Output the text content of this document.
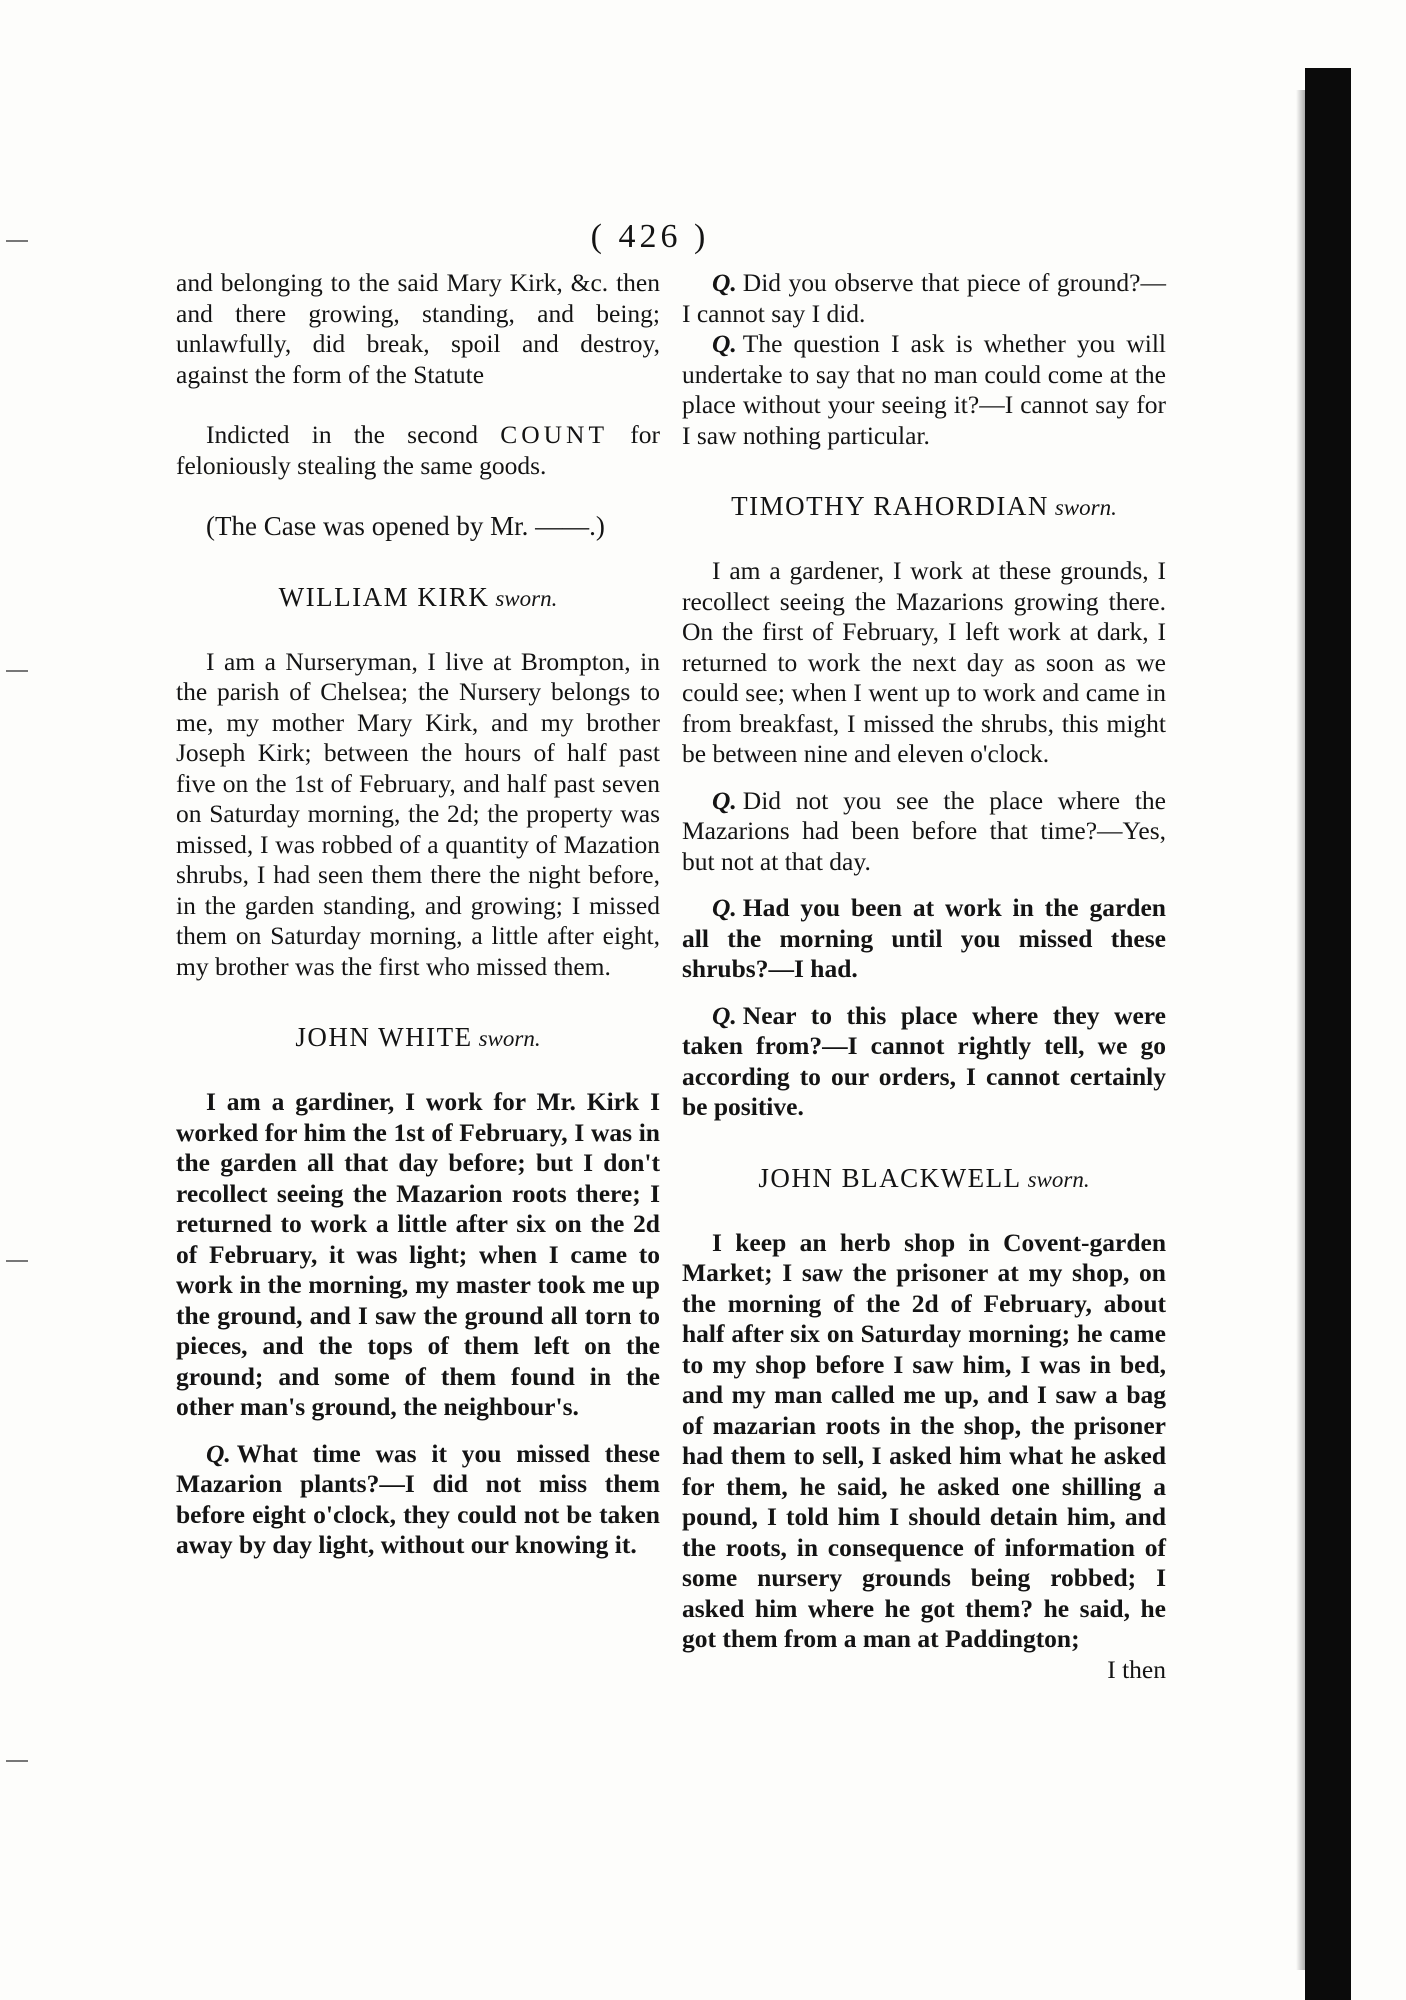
( 426 )

and belonging to the said Mary Kirk, &c. then and there growing, standing, and being; unlawfully, did break, spoil and destroy, against the form of the Statute

Indicted in the second COUNT for feloniously stealing the same goods.

(The Case was opened by Mr. ——.)

WILLIAM KIRK sworn.

I am a Nurseryman, I live at Brompton, in the parish of Chelsea; the Nursery belongs to me, my mother Mary Kirk, and my brother Joseph Kirk; between the hours of half past five on the 1st of February, and half past seven on Saturday morning, the 2d; the property was missed, I was robbed of a quantity of Mazation shrubs, I had seen them there the night before, in the garden standing, and growing; I missed them on Saturday morning, a little after eight, my brother was the first who missed them.

JOHN WHITE sworn.

I am a gardiner, I work for Mr. Kirk I worked for him the 1st of February, I was in the garden all that day before; but I don't recollect seeing the Mazarion roots there; I returned to work a little after six on the 2d of February, it was light; when I came to work in the morning, my master took me up the ground, and I saw the ground all torn to pieces, and the tops of them left on the ground; and some of them found in the other man's ground, the neighbour's.

Q. What time was it you missed these Mazarion plants?—I did not miss them before eight o'clock, they could not be taken away by day light, without our knowing it.

Q. Did you observe that piece of ground?—I cannot say I did.

Q. The question I ask is whether you will undertake to say that no man could come at the place without your seeing it?—I cannot say for I saw nothing particular.

TIMOTHY RAHORDIAN sworn.

I am a gardener, I work at these grounds, I recollect seeing the Mazarions growing there. On the first of February, I left work at dark, I returned to work the next day as soon as we could see; when I went up to work and came in from breakfast, I missed the shrubs, this might be between nine and eleven o'clock.

Q. Did not you see the place where the Mazarions had been before that time?—Yes, but not at that day.

Q. Had you been at work in the garden all the morning until you missed these shrubs?—I had.

Q. Near to this place where they were taken from?—I cannot rightly tell, we go according to our orders, I cannot certainly be positive.

JOHN BLACKWELL sworn.

I keep an herb shop in Covent-garden Market; I saw the prisoner at my shop, on the morning of the 2d of February, about half after six on Saturday morning; he came to my shop before I saw him, I was in bed, and my man called me up, and I saw a bag of mazarian roots in the shop, the prisoner had them to sell, I asked him what he asked for them, he said, he asked one shilling a pound, I told him I should detain him, and the roots, in consequence of information of some nursery grounds being robbed; I asked him where he got them? he said, he got them from a man at Paddington;

I then
